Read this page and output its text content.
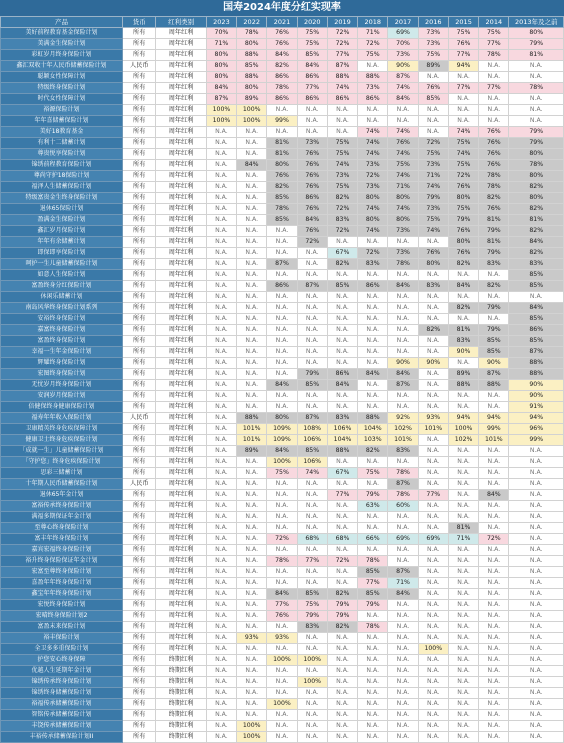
国寿2024年度分红实现率
产品	货币	红利类别	2023	2022	2021	2020	2019	2018	2017	2016	2015	2014	2013年及之前
美好前程教育基金保险计划	所有	周年红利	70%	78%	76%	75%	72%	71%	69%	73%	75%	75%	80%
美满金生保险计划	所有	周年红利	71%	80%	76%	75%	72%	72%	70%	73%	76%	77%	79%
彩虹岁月终身保险计划	所有	周年红利	80%	88%	84%	85%	77%	75%	73%	75%	77%	78%	81%
鑫汇双收十年人民币储蓄保险计划	人民币	周年红利	80%	85%	82%	84%	87%	N.A.	90%	89%	94%	N.A.	N.A.
聪颖女性保障计划	所有	周年红利	80%	88%	86%	86%	88%	88%	87%	N.A.	N.A.	N.A.	N.A.
特级终身保险计划	所有	周年红利	84%	80%	78%	77%	74%	73%	74%	76%	77%	77%	78%
时代女性保障计划	所有	周年红利	87%	89%	86%	86%	86%	86%	84%	85%	N.A.	N.A.	N.A.
裕源保险计划	所有	周年红利	100%	100%	N.A.	N.A.	N.A.	N.A.	N.A.	N.A.	N.A.	N.A.	N.A.
年年喜储蓄保险计划	所有	周年红利	100%	100%	99%	N.A.	N.A.	N.A.	N.A.	N.A.	N.A.	N.A.	N.A.
美好18教育基金	所有	周年红利	N.A.	N.A.	N.A.	N.A.	N.A.	74%	74%	N.A.	74%	76%	79%
有利十二储蓄计划	所有	周年红利	N.A.	N.A.	81%	73%	75%	74%	76%	72%	75%	76%	79%
尊贵悦享保险计划	所有	周年红利	N.A.	N.A.	81%	76%	75%	74%	74%	75%	74%	76%	80%
锦绣前程教育保险计划	所有	周年红利	N.A.	84%	80%	76%	74%	73%	75%	73%	75%	76%	78%
尊尚守护18保险计划	所有	周年红利	N.A.	N.A.	76%	76%	73%	72%	74%	71%	72%	78%	80%
福泽人生储蓄保险计划	所有	周年红利	N.A.	N.A.	82%	76%	75%	73%	71%	74%	76%	78%	82%
特级富贵金生终身保险计划	所有	周年红利	N.A.	N.A.	85%	86%	82%	80%	80%	79%	80%	82%	80%
退休65保险计划	所有	周年红利	N.A.	N.A.	78%	76%	72%	74%	74%	73%	75%	76%	82%
盈满金生保险计划	所有	周年红利	N.A.	N.A.	85%	84%	83%	80%	80%	75%	79%	81%	81%
鑫汇岁月保险计划	所有	周年红利	N.A.	N.A.	N.A.	76%	72%	74%	73%	74%	76%	79%	82%
年年有余储蓄计划	所有	周年红利	N.A.	N.A.	N.A.	72%	N.A.	N.A.	N.A.	N.A.	80%	81%	84%
即保即享保险计划	所有	周年红利	N.A.	N.A.	N.A.	N.A.	67%	72%	73%	76%	76%	79%	82%
呵护一生儿童储蓄保险计划	所有	周年红利	N.A.	N.A.	87%	N.A.	82%	83%	78%	80%	82%	83%	83%
如意人生保险计划	所有	周年红利	N.A.	N.A.	N.A.	N.A.	N.A.	N.A.	N.A.	N.A.	N.A.	N.A.	85%
富盈终身分红保险计划	所有	周年红利	N.A.	N.A.	86%	87%	85%	86%	84%	83%	84%	82%	85%
休闲乐储蓄计划	所有	周年红利	N.A.	N.A.	N.A.	N.A.	N.A.	N.A.	N.A.	N.A.	N.A.	N.A.	N.A.
南岛风华终身保险计划系列	所有	周年红利	N.A.	N.A.	N.A.	N.A.	N.A.	N.A.	N.A.	N.A.	82%	79%	84%
安裕终身保险计划	所有	周年红利	N.A.	N.A.	N.A.	N.A.	N.A.	N.A.	N.A.	N.A.	N.A.	N.A.	85%
嘉富终身保险计划	所有	周年红利	N.A.	N.A.	N.A.	N.A.	N.A.	N.A.	N.A.	82%	81%	79%	86%
富盈终身保险计划	所有	周年红利	N.A.	N.A.	N.A.	N.A.	N.A.	N.A.	N.A.	N.A.	83%	85%	85%
幸福一生年金保险计划	所有	周年红利	N.A.	N.A.	N.A.	N.A.	N.A.	N.A.	N.A.	N.A.	90%	85%	87%
辉耀终身保险计划	所有	周年红利	N.A.	N.A.	N.A.	N.A.	N.A.	N.A.	90%	90%	N.A.	90%	88%
宏图终身保险计划	所有	周年红利	N.A.	N.A.	N.A.	79%	86%	84%	84%	N.A.	89%	87%	88%
无忧岁月终身保险计划	所有	周年红利	N.A.	N.A.	84%	85%	84%	N.A.	87%	N.A.	88%	88%	90%
安润岁月保险计划	所有	周年红利	N.A.	N.A.	N.A.	N.A.	N.A.	N.A.	N.A.	N.A.	N.A.	N.A.	90%
倍健保终身健康保险计划	所有	周年红利	N.A.	N.A.	N.A.	N.A.	N.A.	N.A.	N.A.	N.A.	N.A.	N.A.	91%
福寿年年收入保险计划	人民币	周年红利	N.A.	88%	80%	87%	83%	88%	92%	93%	94%	94%	94%
卫康精英终身危疾保障计划	所有	周年红利	N.A.	101%	109%	108%	106%	104%	102%	101%	100%	99%	96%
健康卫士终身危疾保险计划	所有	周年红利	N.A.	101%	109%	106%	104%	103%	101%	N.A.	102%	101%	99%
「成就一生」儿童储蓄保险计划	所有	周年红利	N.A.	89%	84%	85%	88%	82%	83%	N.A.	N.A.	N.A.	N.A.
「守护您」终身危疾保险计划	所有	周年红利	N.A.	N.A.	100%	106%	N.A.	N.A.	N.A.	N.A.	N.A.	N.A.	N.A.
思彩三储蓄计划	所有	周年红利	N.A.	N.A.	75%	74%	67%	75%	78%	N.A.	N.A.	N.A.	N.A.
十年期人民币储蓄保险计划	人民币	周年红利	N.A.	N.A.	N.A.	N.A.	N.A.	N.A.	87%	N.A.	N.A.	N.A.	N.A.
退休65年金计划	所有	周年红利	N.A.	N.A.	N.A.	N.A.	77%	79%	78%	77%	N.A.	84%	N.A.
富裕传承终身保险计划	所有	周年红利	N.A.	N.A.	N.A.	N.A.	N.A.	63%	60%	N.A.	N.A.	N.A.	N.A.
满福多期保证年金计划	所有	周年红利	N.A.	N.A.	N.A.	N.A.	N.A.	N.A.	N.A.	N.A.	N.A.	N.A.	N.A.
至尊心终身保险计划	所有	周年红利	N.A.	N.A.	N.A.	N.A.	N.A.	N.A.	N.A.	N.A.	81%	N.A.	N.A.
富丰年终身保险计划	所有	周年红利	N.A.	N.A.	72%	68%	68%	66%	69%	69%	71%	72%	N.A.
嘉宾宏福终身保险计划	所有	周年红利	N.A.	N.A.	N.A.	N.A.	N.A.	N.A.	N.A.	N.A.	N.A.	N.A.	N.A.
裕升终身保险保证年金计划	所有	周年红利	N.A.	N.A.	78%	77%	72%	78%	N.A.	N.A.	N.A.	N.A.	N.A.
宏富至尊终身保险计划	所有	周年红利	N.A.	N.A.	N.A.	N.A.	N.A.	85%	87%	N.A.	N.A.	N.A.	N.A.
喜盈年年终身保险计划	所有	周年红利	N.A.	N.A.	N.A.	N.A.	N.A.	77%	71%	N.A.	N.A.	N.A.	N.A.
鑫宝年年终身保险计划	所有	周年红利	N.A.	N.A.	84%	85%	82%	85%	84%	N.A.	N.A.	N.A.	N.A.
宏悦终身保险计划	所有	周年红利	N.A.	N.A.	77%	75%	79%	79%	N.A.	N.A.	N.A.	N.A.	N.A.
宏晴终身保险计划2	所有	周年红利	N.A.	N.A.	76%	79%	79%	N.A.	N.A.	N.A.	N.A.	N.A.	N.A.
富盈未来保险计划	所有	周年红利	N.A.	N.A.	N.A.	83%	82%	78%	N.A.	N.A.	N.A.	N.A.	N.A.
裕丰保险计划	所有	周年红利	N.A.	93%	93%	N.A.	N.A.	N.A.	N.A.	N.A.	N.A.	N.A.	N.A.
全卫多多重保险计划	所有	周年红利	N.A.	N.A.	N.A.	N.A.	N.A.	N.A.	N.A.	100%	N.A.	N.A.	N.A.
护您安心终身保障	所有	终期红利	N.A.	N.A.	100%	100%	N.A.	N.A.	N.A.	N.A.	N.A.	N.A.	N.A.
优越人生延期年金计划	所有	终期红利	N.A.	N.A.	N.A.	N.A.	N.A.	N.A.	N.A.	N.A.	N.A.	N.A.	N.A.
锦绣传承终身保险计划	所有	终期红利	N.A.	N.A.	N.A.	100%	N.A.	N.A.	N.A.	N.A.	N.A.	N.A.	N.A.
锦绣终身储蓄保险计划	所有	终期红利	N.A.	N.A.	N.A.	N.A.	N.A.	N.A.	N.A.	N.A.	N.A.	N.A.	N.A.
裕福传承储蓄保险计划	所有	终期红利	N.A.	N.A.	100%	N.A.	N.A.	N.A.	N.A.	N.A.	N.A.	N.A.	N.A.
智铭传承储蓄保险计划	所有	终期红利	N.A.	N.A.	N.A.	N.A.	N.A.	N.A.	N.A.	N.A.	N.A.	N.A.	N.A.
丰饶传承储蓄保险计划	所有	终期红利	N.A.	100%	N.A.	N.A.	N.A.	N.A.	N.A.	N.A.	N.A.	N.A.	N.A.
丰裕传承储蓄保险计划II	所有	终期红利	N.A.	100%	N.A.	N.A.	N.A.	N.A.	N.A.	N.A.	N.A.	N.A.	N.A.
